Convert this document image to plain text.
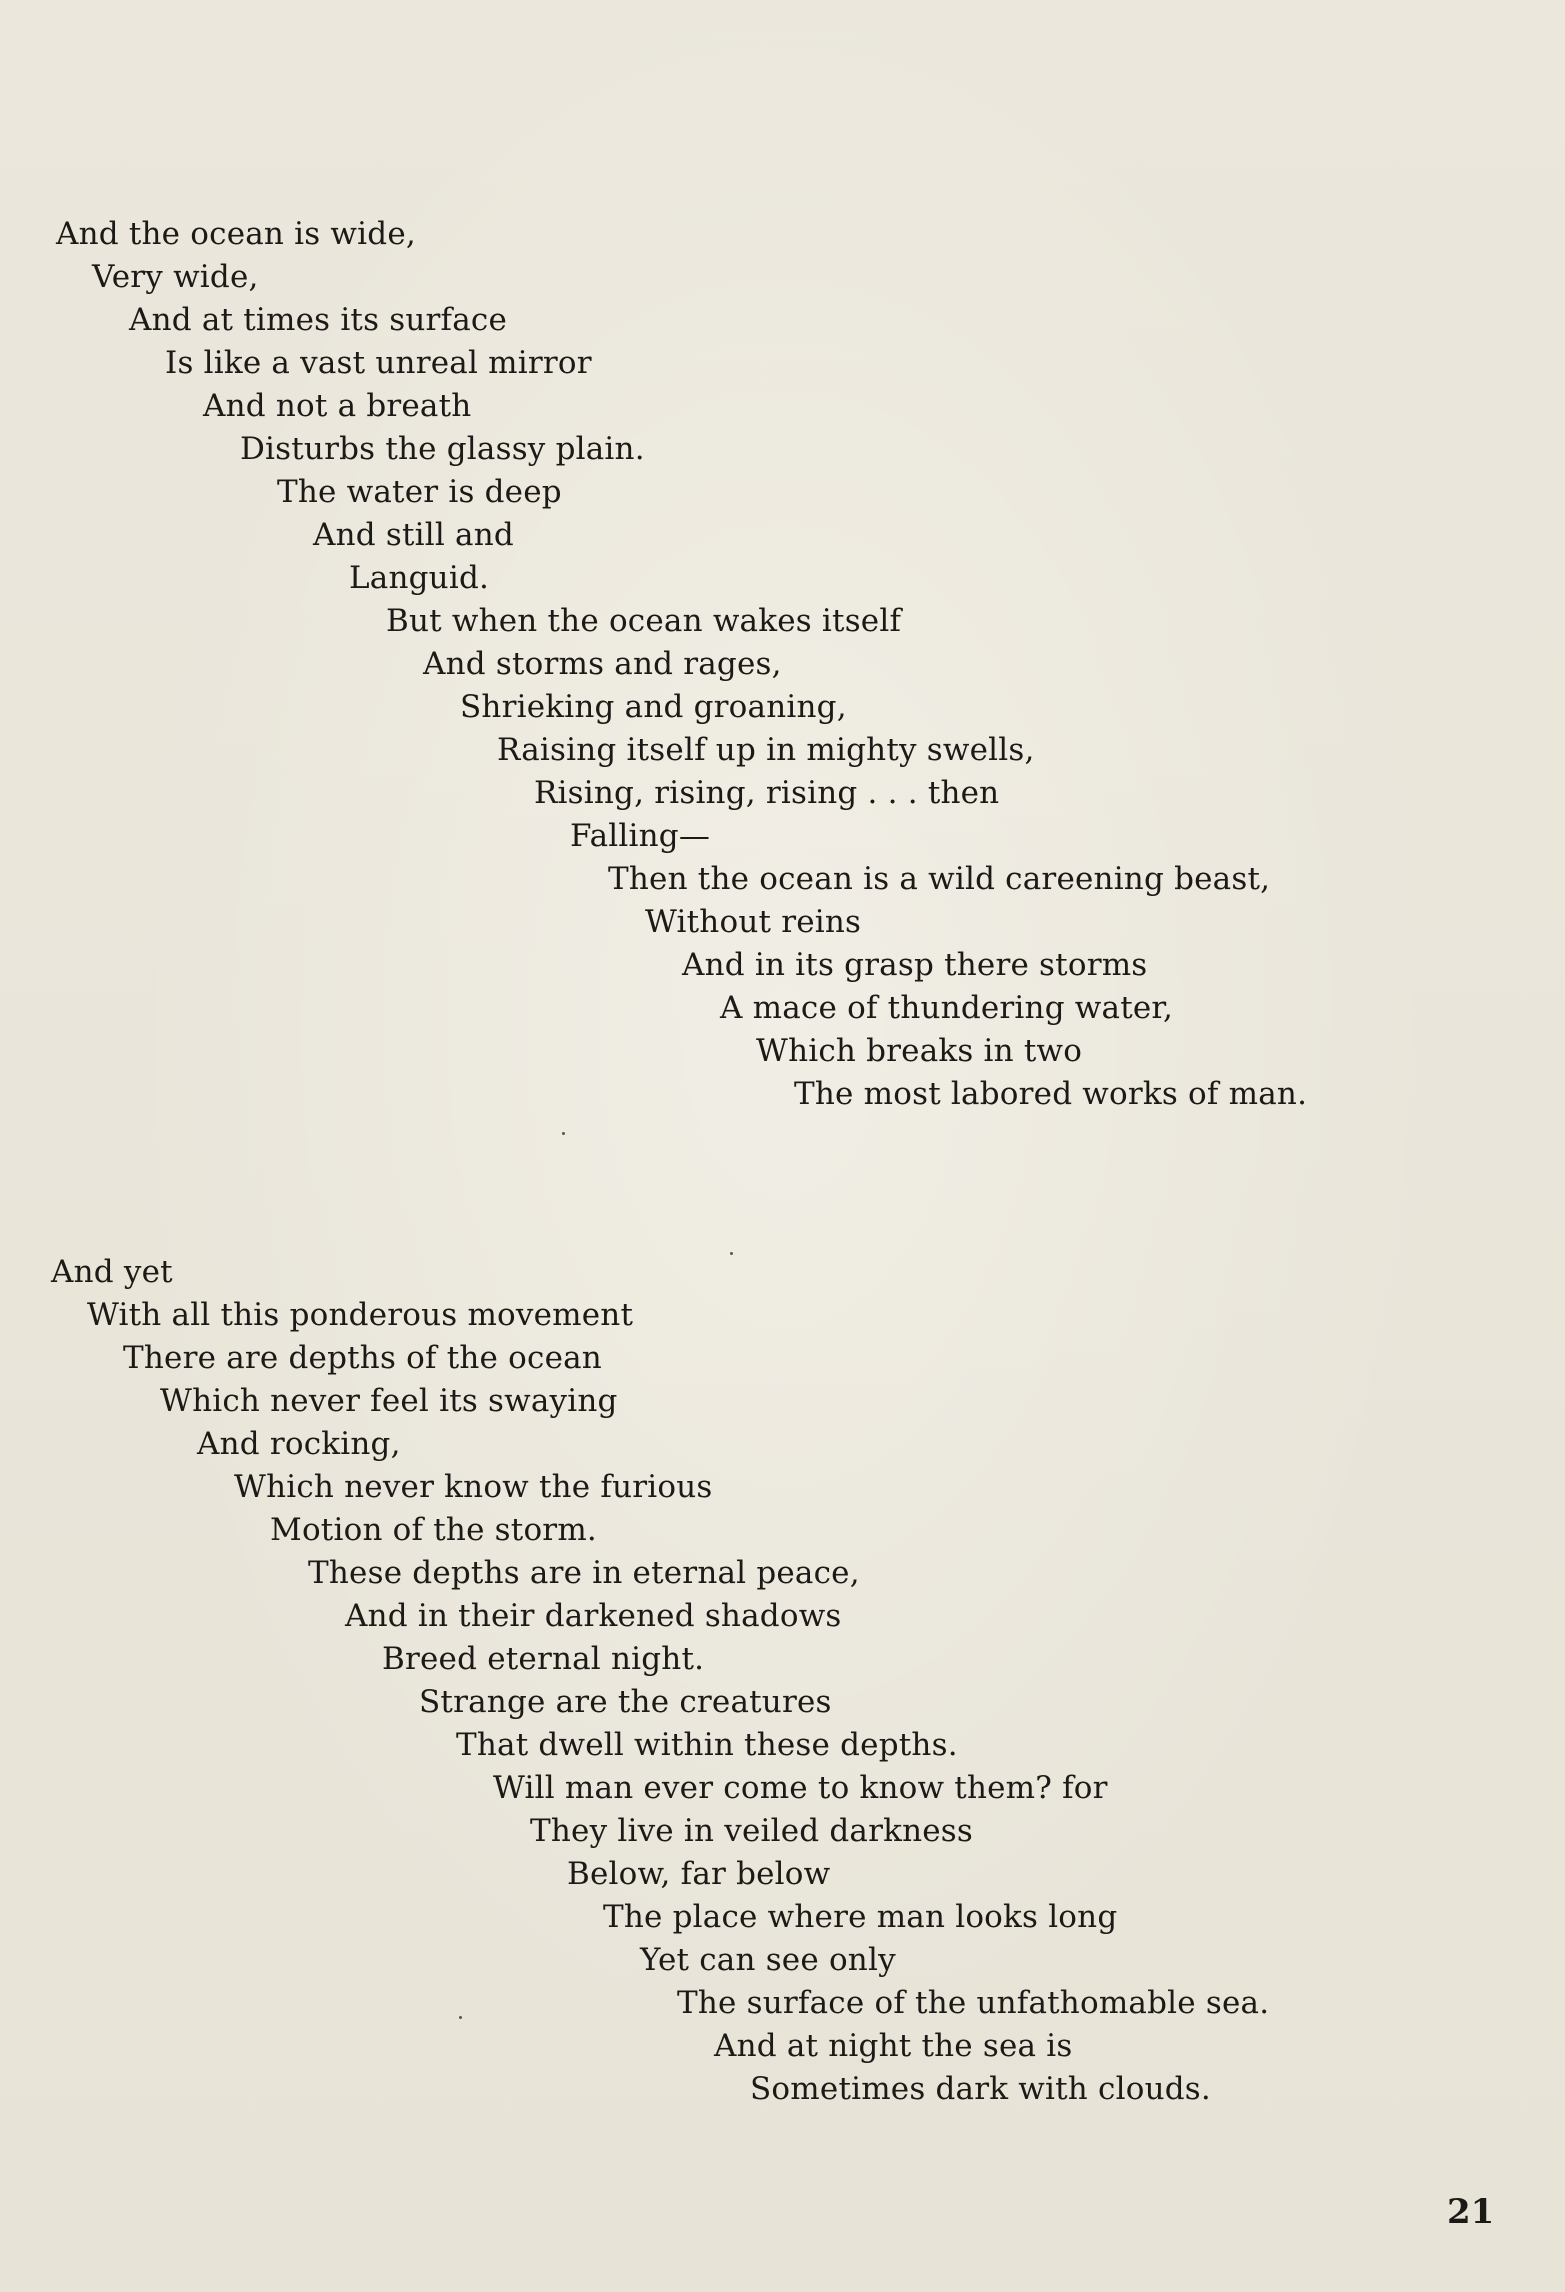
And the ocean is wide,
Very wide,
And at times its surface
Is like a vast unreal mirror
And not a breath
Disturbs the glassy plain.
The water is deep
And still and
Languid.
But when the ocean wakes itself
And storms and rages,
Shrieking and groaning,
Raising itself up in mighty swells,
Rising, rising, rising . . . then
Falling—
Then the ocean is a wild careening beast,
Without reins
And in its grasp there storms
A mace of thundering water,
Which breaks in two
The most labored works of man.
And yet
With all this ponderous movement
There are depths of the ocean
Which never feel its swaying
And rocking,
Which never know the furious
Motion of the storm.
These depths are in eternal peace,
And in their darkened shadows
Breed eternal night.
Strange are the creatures
That dwell within these depths.
Will man ever come to know them? for
They live in veiled darkness
Below, far below
The place where man looks long
Yet can see only
The surface of the unfathomable sea.
And at night the sea is
Sometimes dark with clouds.
21
